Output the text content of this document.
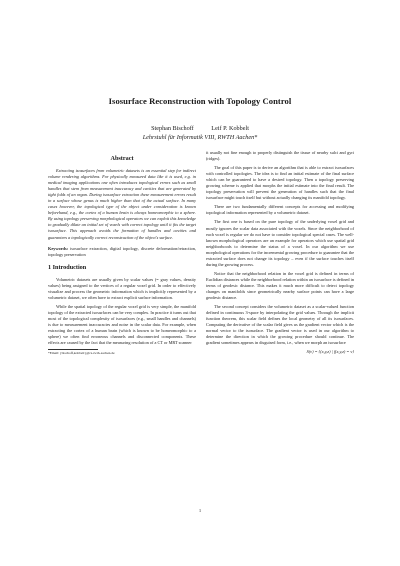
Isosurface Reconstruction with Topology Control
Stephan Bischoff	Leif P. Kobbelt
Lehrstuhl für Informatik VIII, RWTH Aachen*
Abstract

Extracting isosurfaces from volumetric datasets is an essential step for indirect volume rendering algorithms. For physically measured data like it is used, e.g. in medical imaging applications one often introduces topological errors such as small handles that stem from measurement inaccuracy and cavities that are generated by tight folds of an organ. During isosurface extraction these measurement errors result in a surface whose genus is much higher than that of the actual surface. In many cases however, the topological type of the object under consideration is known beforehand, e.g., the cortex of a human brain is always homeomorphic to a sphere. By using topology preserving morphological operators we can exploit this knowledge to gradually dilate an initial set of voxels with correct topology until it fits the target isosurface. This approach avoids the formation of handles and cavities and guarantees a topologically correct reconstruction of the object's surface.

Keywords: isosurface extraction, digital topology, discrete deformation/retraction, topology preservation

1 Introduction

Volumetric datasets are usually given by scalar values (= gray values, density values) being assigned to the vertices of a regular voxel grid. In order to effectively visualize and process the geometric information which is implicitly represented by a volumetric dataset, we often have to extract explicit surface information.

While the spatial topology of the regular voxel grid is very simple, the manifold topology of the extracted isosurfaces can be very complex. In practice it turns out that most of the topological complexity of isosurfaces (e.g., small handles and channels) is due to measurement inaccuracies and noise in the scalar data. For example, when extracting the cortex of a human brain (which is known to be homeomorphic to a sphere) we often find erroneous channels and disconnected components. These effects are caused by the fact that the measuring resolution of a CT or MRT scanner

*Email: {bischoff,kobbelt}@cs.rwth-aachen.de

it usually not fine enough to properly distinguish the tissue of nearby sulci and gyri (ridges).

The goal of this paper is to derive an algorithm that is able to extract isosurfaces with controlled topologies. The idea is to find an initial estimate of the final surface which can be guaranteed to have a desired topology. Then a topology preserving growing scheme is applied that morphs the initial estimate into the final result. The topology preservation will prevent the generation of handles such that the final isosurface might touch itself but without actually changing its manifold topology.

There are two fundamentally different concepts for accessing and modifying topological information represented by a volumetric dataset.

The first one is based on the pure topology of the underlying voxel grid and mostly ignores the scalar data associated with the voxels. Since the neighborhood of each voxel is regular we do not have to consider topological special cases. The well-known morphological operators are an example for operators which use spatial grid neighborhoods to determine the status of a voxel. In our algorithm we use morphological operations for the incremental growing procedure to guarantee that the extracted surface does not change its topology – even if the surface touches itself during the growing process.

Notice that the neighborhood relation in the voxel grid is defined in terms of Euclidian distances while the neighborhood relation within an isosurface is defined in terms of geodesic distance. This makes it much more difficult to detect topology changes on manifolds since geometrically nearby surface points can have a large geodesic distance.

The second concept considers the volumetric dataset as a scalar-valued function defined in continuous 3-space by interpolating the grid values. Through the implicit function theorem, this scalar field defines the local geometry of all its isosurfaces. Computing the derivative of the scalar field gives us the gradient vector which is the normal vector to the isosurface. The gradient vector is used in our algorithm to determine the direction in which the growing procedure should continue. The gradient sometimes appears in disguised form, i.e., when we morph an isosurface

S(v) = {(x,y,z) | f(x,y,z) = v}

1
